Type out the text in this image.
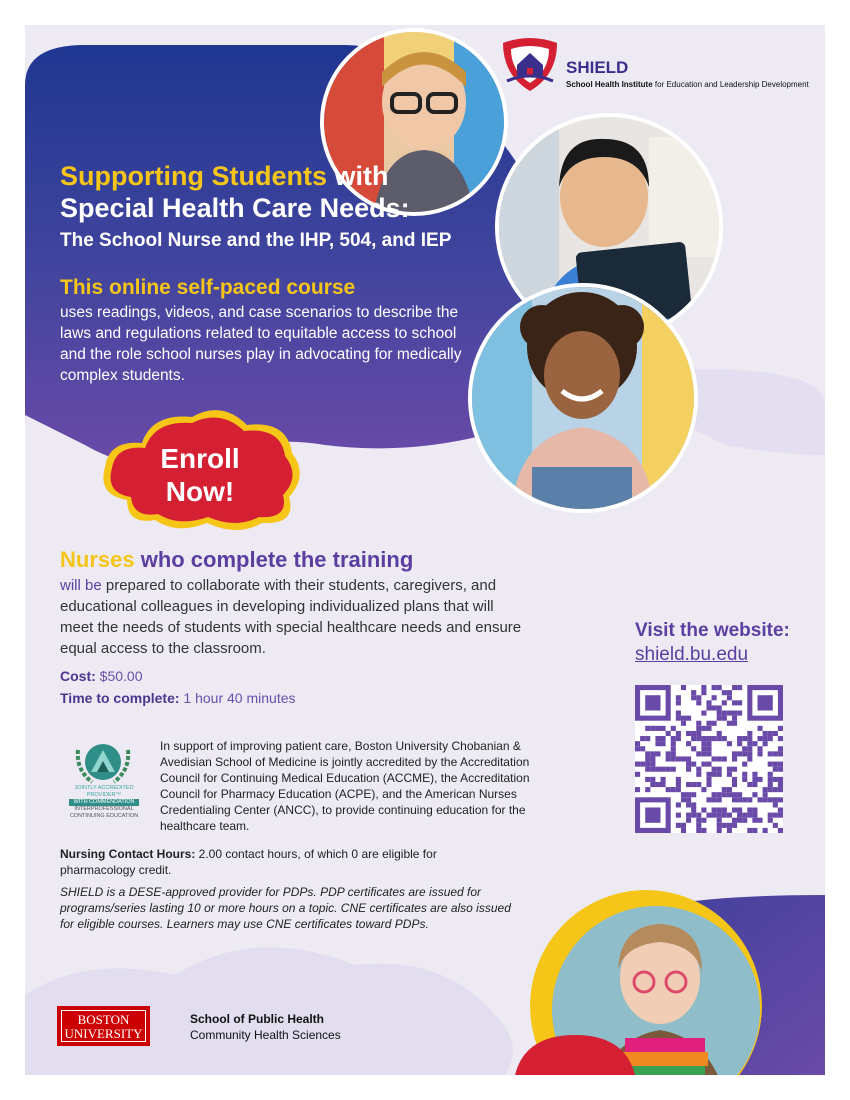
SHIELD
School Health Institute for Education and Leadership Development
Supporting Students with
Special Health Care Needs:
The School Nurse and the IHP, 504, and IEP
This online self-paced course
uses readings, videos, and case scenarios to describe the laws and regulations related to equitable access to school and the role school nurses play in advocating for medically complex students.
Enroll
Now!
Nurses who complete the training
will be prepared to collaborate with their students, caregivers, and educational colleagues in developing individualized plans that will meet the needs of students with special healthcare needs and ensure equal access to the classroom.
Cost: $50.00
Time to complete: 1 hour 40 minutes
JOINTLY ACCREDITED PROVIDER™
WITH COMMENDATION
INTERPROFESSIONAL CONTINUING EDUCATION
In support of improving patient care, Boston University Chobanian & Avedisian School of Medicine is jointly accredited by the Accreditation Council for Continuing Medical Education (ACCME), the Accreditation Council for Pharmacy Education (ACPE), and the American Nurses Credentialing Center (ANCC), to provide continuing education for the healthcare team.
Nursing Contact Hours: 2.00 contact hours, of which 0 are eligible for pharmacology credit.
SHIELD is a DESE-approved provider for PDPs. PDP certificates are issued for programs/series lasting 10 or more hours on a topic. CNE certificates are also issued for eligible courses. Learners may use CNE certificates toward PDPs.
Visit the website:
shield.bu.edu
BOSTON
UNIVERSITY
School of Public Health
Community Health Sciences
